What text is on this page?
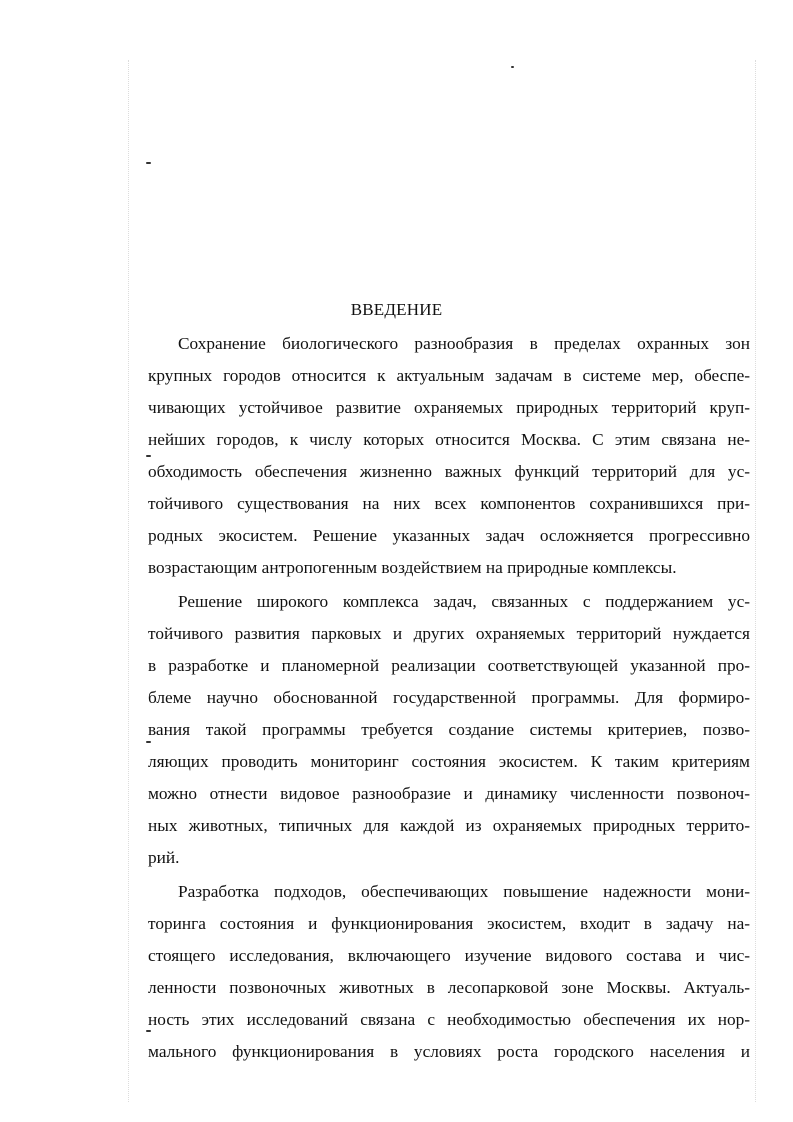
ВВЕДЕНИЕ
Сохранение биологического разнообразия в пределах охранных зон
крупных городов относится к актуальным задачам в системе мер, обеспе-
чивающих устойчивое развитие охраняемых природных территорий круп-
нейших городов, к числу которых относится Москва. С этим связана не-
обходимость обеспечения жизненно важных функций территорий для ус-
тойчивого существования на них всех компонентов сохранившихся при-
родных экосистем. Решение указанных задач осложняется прогрессивно
возрастающим антропогенным воздействием на природные комплексы.
Решение широкого комплекса задач, связанных с поддержанием ус-
тойчивого развития парковых и других охраняемых территорий нуждается
в разработке и планомерной реализации соответствующей указанной про-
блеме научно обоснованной государственной программы. Для формиро-
вания такой программы требуется создание системы критериев, позво-
ляющих проводить мониторинг состояния экосистем. К таким критериям
можно отнести видовое разнообразие и динамику численности позвоноч-
ных животных, типичных для каждой из охраняемых природных террито-
рий.
Разработка подходов, обеспечивающих повышение надежности мони-
торинга состояния и функционирования экосистем, входит в задачу на-
стоящего исследования, включающего изучение видового состава и чис-
ленности позвоночных животных в лесопарковой зоне Москвы. Актуаль-
ность этих исследований связана с необходимостью обеспечения их нор-
мального функционирования в условиях роста городского населения и
